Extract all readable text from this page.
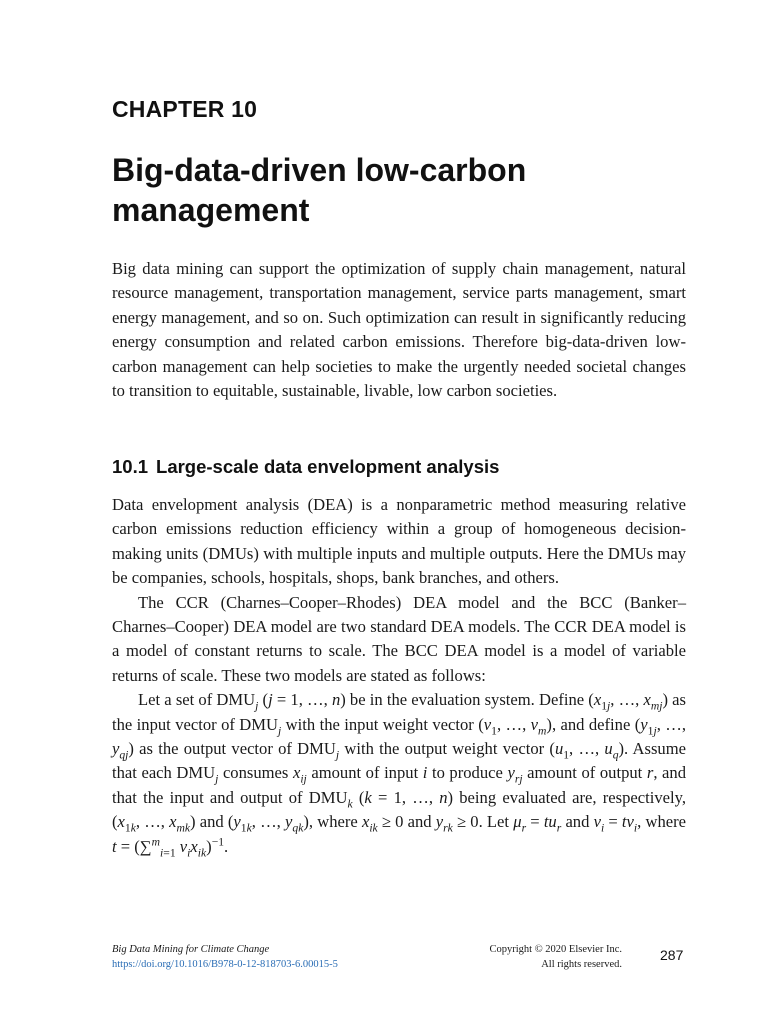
CHAPTER 10
Big-data-driven low-carbon management

Big data mining can support the optimization of supply chain management, natural resource management, transportation management, service parts management, smart energy management, and so on. Such optimization can result in significantly reducing energy consumption and related carbon emissions. Therefore big-data-driven low-carbon management can help societies to make the urgently needed societal changes to transition to equitable, sustainable, livable, low carbon societies.

10.1 Large-scale data envelopment analysis

Data envelopment analysis (DEA) is a nonparametric method measuring relative carbon emissions reduction efficiency within a group of homogeneous decision-making units (DMUs) with multiple inputs and multiple outputs. Here the DMUs may be companies, schools, hospitals, shops, bank branches, and others.

The CCR (Charnes–Cooper–Rhodes) DEA model and the BCC (Banker–Charnes–Cooper) DEA model are two standard DEA models. The CCR DEA model is a model of constant returns to scale. The BCC DEA model is a model of variable returns of scale. These two models are stated as follows:

Let a set of $DMU_j$ (j = 1, …, n) be in the evaluation system. Define ($x_{1j}$, …, $x_{mj}$) as the input vector of $DMU_j$ with the input weight vector ($v_1$, …, $v_m$), and define ($y_{1j}$, …, $y_{qj}$) as the output vector of $DMU_j$ with the output weight vector ($u_1$, …, $u_q$). Assume that each $DMU_j$ consumes $x_{ij}$ amount of input i to produce $y_{rj}$ amount of output r, and that the input and output of $DMU_k$ (k = 1, …, n) being evaluated are, respectively, ($x_{1k}$, …, $x_{mk}$) and ($y_{1k}$, …, $y_{qk}$), where $x_{ik} \ge 0$ and $y_{rk} \ge 0$. Let $\mu_r = tu_r$ and $\nu_i = tv_i$, where t = (∑$^m_{i=1}$ $v_ix_{ik})^{-1}$.

Big Data Mining for Climate Change
https://doi.org/10.1016/B978-0-12-818703-6.00015-5
Copyright © 2020 Elsevier Inc.
All rights reserved.
287
